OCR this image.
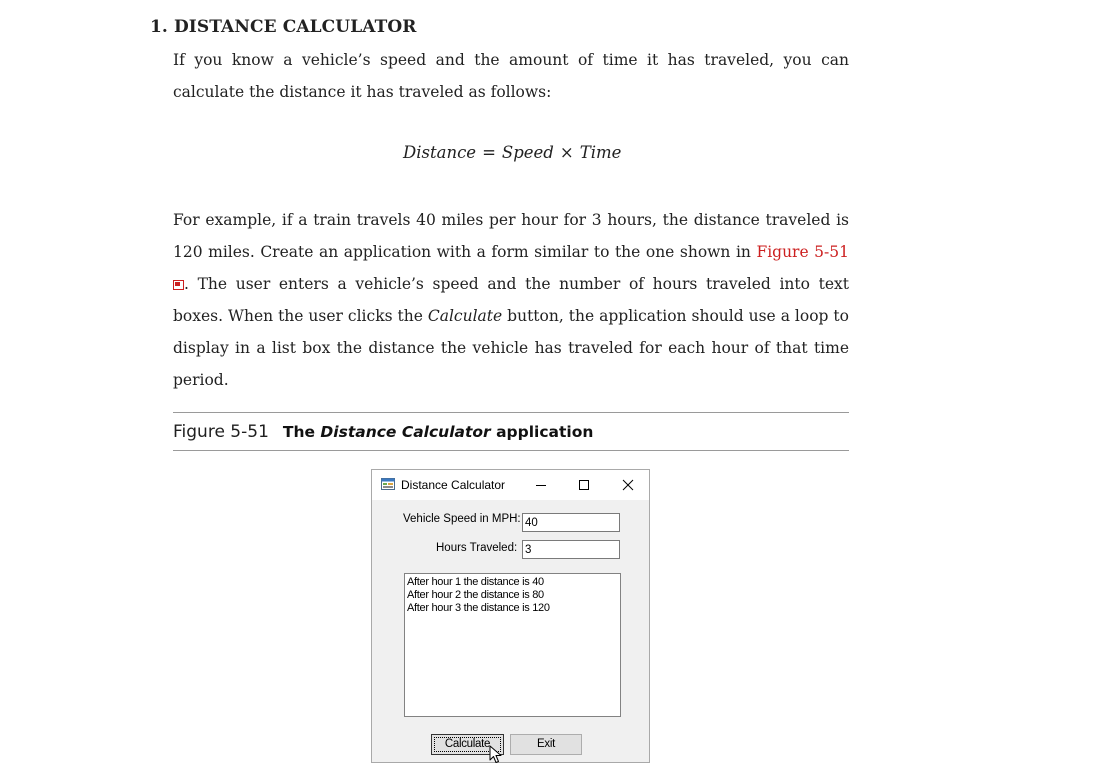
1. DISTANCE CALCULATOR
If you know a vehicle’s speed and the amount of time it has traveled, you can calculate the distance it has traveled as follows:
Distance = Speed × Time
For example, if a train travels 40 miles per hour for 3 hours, the distance traveled is 120 miles. Create an application with a form similar to the one shown in Figure 5-51 . The user enters a vehicle’s speed and the number of hours traveled into text boxes. When the user clicks the Calculate button, the application should use a loop to display in a list box the distance the vehicle has traveled for each hour of that time period.
Figure 5-51 The Distance Calculator application
Distance Calculator
Vehicle Speed in MPH: 40
Hours Traveled: 3
After hour 1 the distance is 40
After hour 2 the distance is 80
After hour 3 the distance is 120
Calculate	Exit
